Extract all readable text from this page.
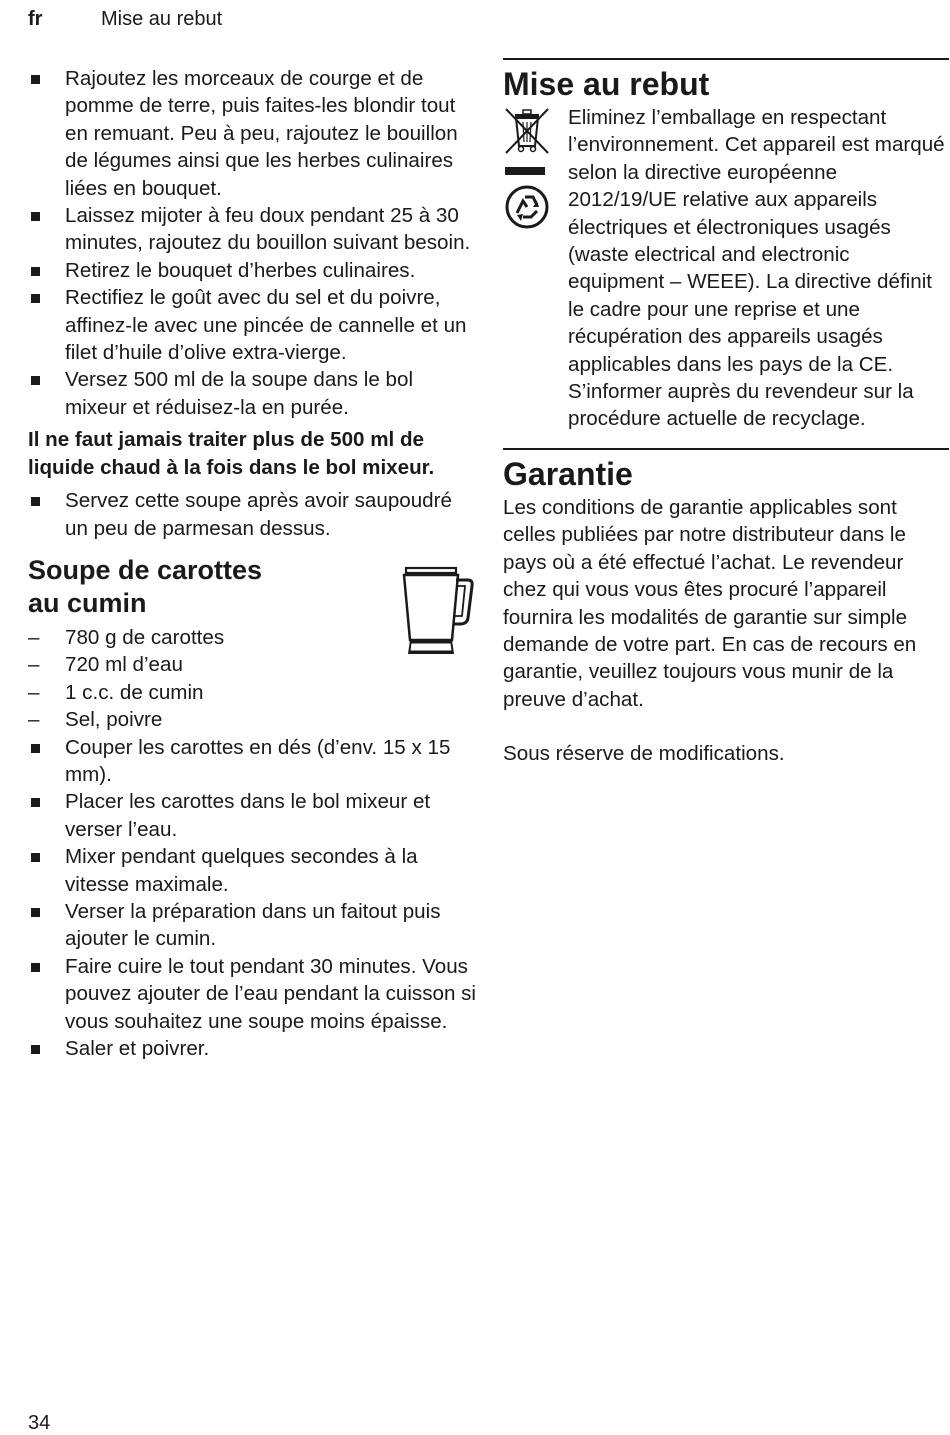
fr	Mise au rebut
Rajoutez les morceaux de courge et de pomme de terre, puis faites-les blondir tout en remuant. Peu à peu, rajoutez le bouillon de légumes ainsi que les herbes culinaires liées en bouquet.
Laissez mijoter à feu doux pendant 25 à 30 minutes, rajoutez du bouillon suivant besoin.
Retirez le bouquet d’herbes culinaires.
Rectifiez le goût avec du sel et du poivre, affinez-le avec une pincée de cannelle et un filet d’huile d’olive extra-vierge.
Versez 500 ml de la soupe dans le bol mixeur et réduisez-la en purée.
Il ne faut jamais traiter plus de 500 ml de liquide chaud à la fois dans le bol mixeur.
Servez cette soupe après avoir saupoudré un peu de parmesan dessus.
Soupe de carottes au cumin
– 780 g de carottes
– 720 ml d’eau
– 1 c.c. de cumin
– Sel, poivre
Couper les carottes en dés (d’env. 15 x 15 mm).
Placer les carottes dans le bol mixeur et verser l’eau.
Mixer pendant quelques secondes à la vitesse maximale.
Verser la préparation dans un faitout puis ajouter le cumin.
Faire cuire le tout pendant 30 minutes. Vous pouvez ajouter de l’eau pendant la cuisson si vous souhaitez une soupe moins épaisse.
Saler et poivrer.
Mise au rebut
Eliminez l’emballage en respectant l’environnement. Cet appareil est marqué selon la directive européenne 2012/19/UE relative aux appareils électriques et électroniques usagés (waste electrical and electronic equipment – WEEE). La directive définit le cadre pour une reprise et une récupération des appareils usagés applicables dans les pays de la CE. S’informer auprès du revendeur sur la procédure actuelle de recyclage.
Garantie
Les conditions de garantie applicables sont celles publiées par notre distributeur dans le pays où a été effectué l’achat. Le revendeur chez qui vous vous êtes procuré l’appareil fournira les modalités de garantie sur simple demande de votre part. En cas de recours en garantie, veuillez toujours vous munir de la preuve d’achat.
Sous réserve de modifications.
34
